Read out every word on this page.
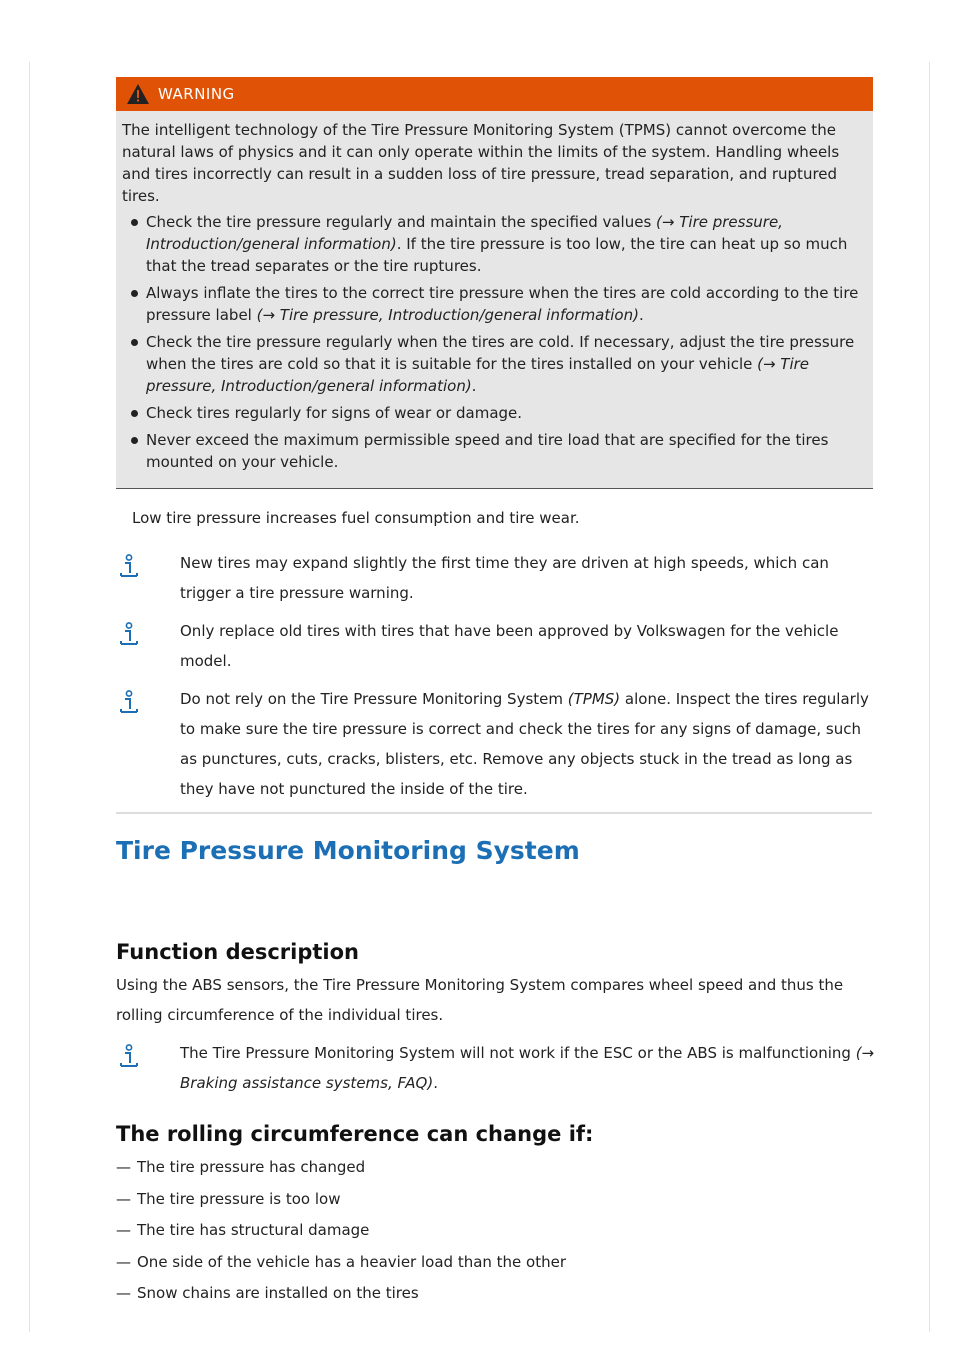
WARNING

The intelligent technology of the Tire Pressure Monitoring System (TPMS) cannot overcome the natural laws of physics and it can only operate within the limits of the system. Handling wheels and tires incorrectly can result in a sudden loss of tire pressure, tread separation, and ruptured tires.

Check the tire pressure regularly and maintain the specified values (→ Tire pressure, Introduction/general information). If the tire pressure is too low, the tire can heat up so much that the tread separates or the tire ruptures.
Always inflate the tires to the correct tire pressure when the tires are cold according to the tire pressure label (→ Tire pressure, Introduction/general information).
Check the tire pressure regularly when the tires are cold. If necessary, adjust the tire pressure when the tires are cold so that it is suitable for the tires installed on your vehicle (→ Tire pressure, Introduction/general information).
Check tires regularly for signs of wear or damage.
Never exceed the maximum permissible speed and tire load that are specified for the tires mounted on your vehicle.
Low tire pressure increases fuel consumption and tire wear.
New tires may expand slightly the first time they are driven at high speeds, which can trigger a tire pressure warning.
Only replace old tires with tires that have been approved by Volkswagen for the vehicle model.
Do not rely on the Tire Pressure Monitoring System (TPMS) alone. Inspect the tires regularly to make sure the tire pressure is correct and check the tires for any signs of damage, such as punctures, cuts, cracks, blisters, etc. Remove any objects stuck in the tread as long as they have not punctured the inside of the tire.
Tire Pressure Monitoring System
Function description
Using the ABS sensors, the Tire Pressure Monitoring System compares wheel speed and thus the rolling circumference of the individual tires.
The Tire Pressure Monitoring System will not work if the ESC or the ABS is malfunctioning (→ Braking assistance systems, FAQ).
The rolling circumference can change if:
— The tire pressure has changed
— The tire pressure is too low
— The tire has structural damage
— One side of the vehicle has a heavier load than the other
— Snow chains are installed on the tires
